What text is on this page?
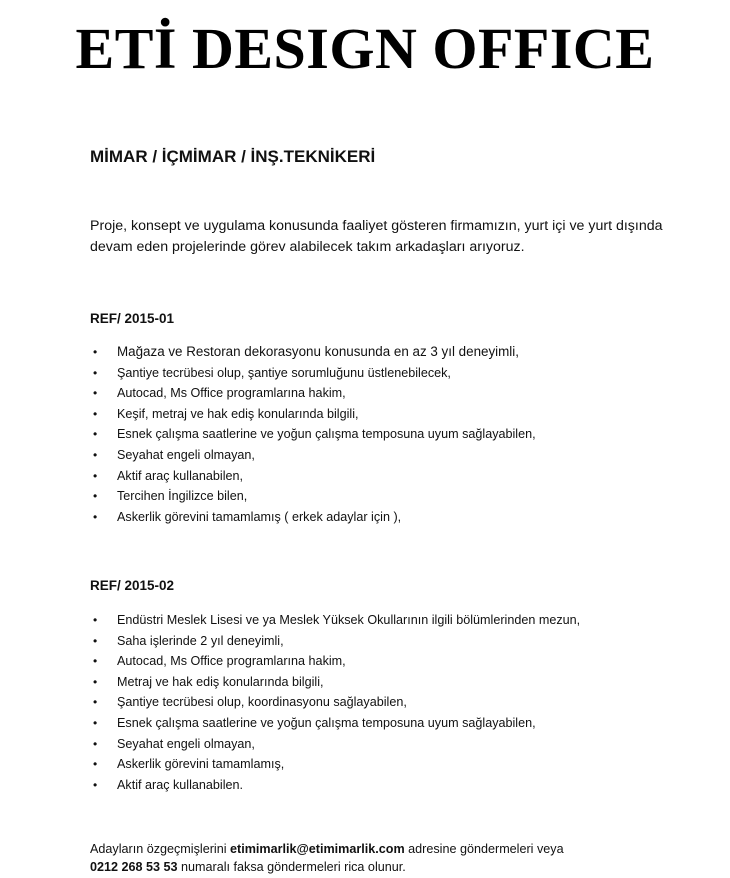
ETİ DESIGN OFFICE
MİMAR / İÇMİMAR / İNŞ.TEKNİKERİ

Proje, konsept ve uygulama konusunda faaliyet gösteren firmamızın, yurt içi ve yurt dışında devam eden projelerinde görev alabilecek takım arkadaşları arıyoruz.

REF/ 2015-01

• Mağaza ve Restoran dekorasyonu konusunda en az 3 yıl deneyimli,
• Şantiye tecrübesi olup, şantiye sorumluğunu üstlenebilecek,
• Autocad, Ms Office programlarına hakim,
• Keşif, metraj ve hak ediş konularında bilgili,
• Esnek çalışma saatlerine ve yoğun çalışma temposuna uyum sağlayabilen,
• Seyahat engeli olmayan,
• Aktif araç kullanabilen,
• Tercihen İngilizce bilen,
• Askerlik görevini tamamlamış ( erkek adaylar için ),

REF/ 2015-02

• Endüstri Meslek Lisesi ve ya Meslek Yüksek Okullarının ilgili bölümlerinden mezun,
• Saha işlerinde 2 yıl deneyimli,
• Autocad, Ms Office programlarına hakim,
• Metraj ve hak ediş konularında bilgili,
• Şantiye tecrübesi olup, koordinasyonu sağlayabilen,
• Esnek çalışma saatlerine ve yoğun çalışma temposuna uyum sağlayabilen,
• Seyahat engeli olmayan,
• Askerlik görevini tamamlamış,
• Aktif araç kullanabilen.

Adayların özgeçmişlerini etimimarlik@etimimarlik.com adresine göndermeleri veya
0212 268 53 53 numaralı faksa göndermeleri rica olunur.
